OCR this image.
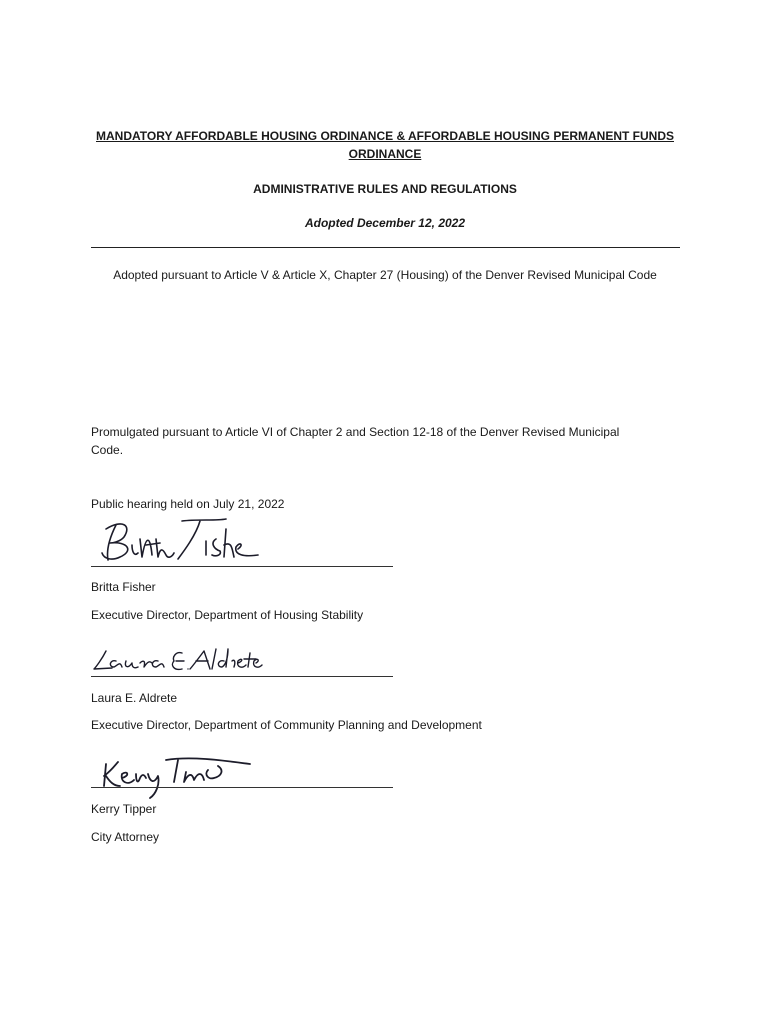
MANDATORY AFFORDABLE HOUSING ORDINANCE & AFFORDABLE HOUSING PERMANENT FUNDS
ORDINANCE
ADMINISTRATIVE RULES AND REGULATIONS
Adopted December 12, 2022
Adopted pursuant to Article V & Article X, Chapter 27 (Housing) of the Denver Revised Municipal Code
Promulgated pursuant to Article VI of Chapter 2 and Section 12-18 of the Denver Revised Municipal
Code.
Public hearing held on July 21, 2022
Britta Fisher
Executive Director, Department of Housing Stability
Laura E. Aldrete
Executive Director, Department of Community Planning and Development
Kerry Tipper
City Attorney
